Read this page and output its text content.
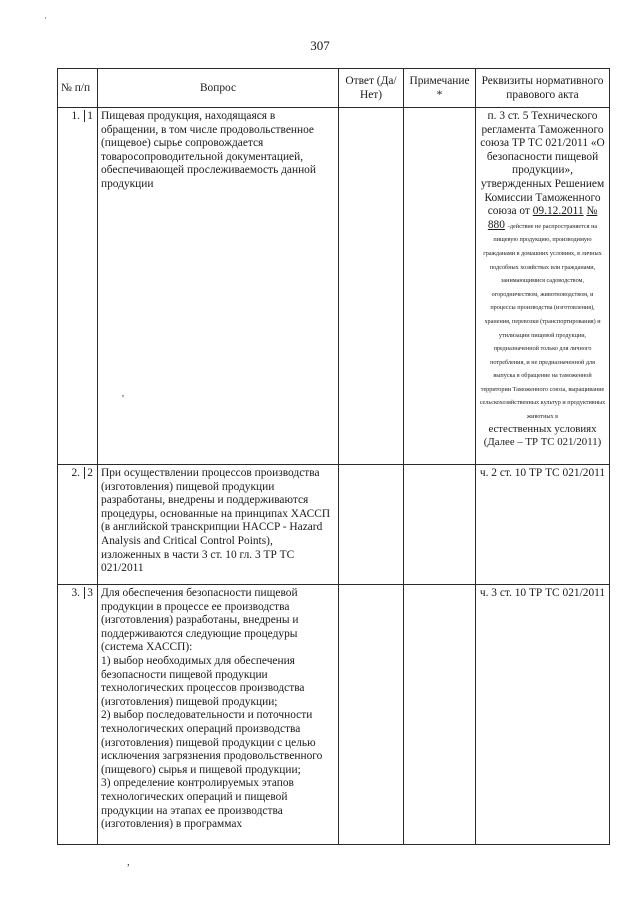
307
·
№ п/п	Вопрос	Ответ (Да/Нет)	Примечание *	Реквизиты нормативного правового акта
1. 1	Пищевая продукция, находящаяся в обращении, в том числе продовольственное (пищевое) сырье сопровождается товаросопроводительной документацией, обеспечивающей прослеживаемость данной продукции			п. 3 ст. 5 Технического регламента Таможенного союза ТР ТС 021/2011 «О безопасности пищевой продукции», утвержденных Решением Комиссии Таможенного союза от 09.12.2011 №
880 -действие не распространяется на пищевую продукцию, производимую гражданами в домашних условиях, в личных подсобных хозяйствах или гражданами, занимающимися садоводством, огородничеством, животноводством, и процессы производства (изготовления), хранения, перевозки (транспортирования) и утилизации пищевой продукции, предназначенной только для личного потребления, и не предназначенной для выпуска в обращение на таможенной территории Таможенного союза, выращивание сельскохозяйственных культур и продуктивных животных в
естественных условиях (Далее – ТР ТС 021/2011)

2. 2	При осуществлении процессов производства (изготовления) пищевой продукции разработаны, внедрены и поддерживаются процедуры, основанные на принципах ХАССП (в английской транскрипции HACCP - Hazard Analysis and Critical Control Points), изложенных в части 3 ст. 10 гл. 3 ТР ТС 021/2011			ч. 2 ст. 10 ТР ТС 021/2011

3. 3	Для обеспечения безопасности пищевой продукции в процессе ее производства (изготовления) разработаны, внедрены и поддерживаются следующие процедуры (система ХАССП):
1) выбор необходимых для обеспечения безопасности пищевой продукции технологических процессов производства (изготовления) пищевой продукции;
2) выбор последовательности и поточности технологических операций производства (изготовления) пищевой продукции с целью исключения загрязнения продовольственного (пищевого) сырья и пищевой продукции;
3) определение контролируемых этапов технологических операций и пищевой продукции на этапах ее производства (изготовления) в программах			ч. 3 ст. 10 ТР ТС 021/2011
'
,
